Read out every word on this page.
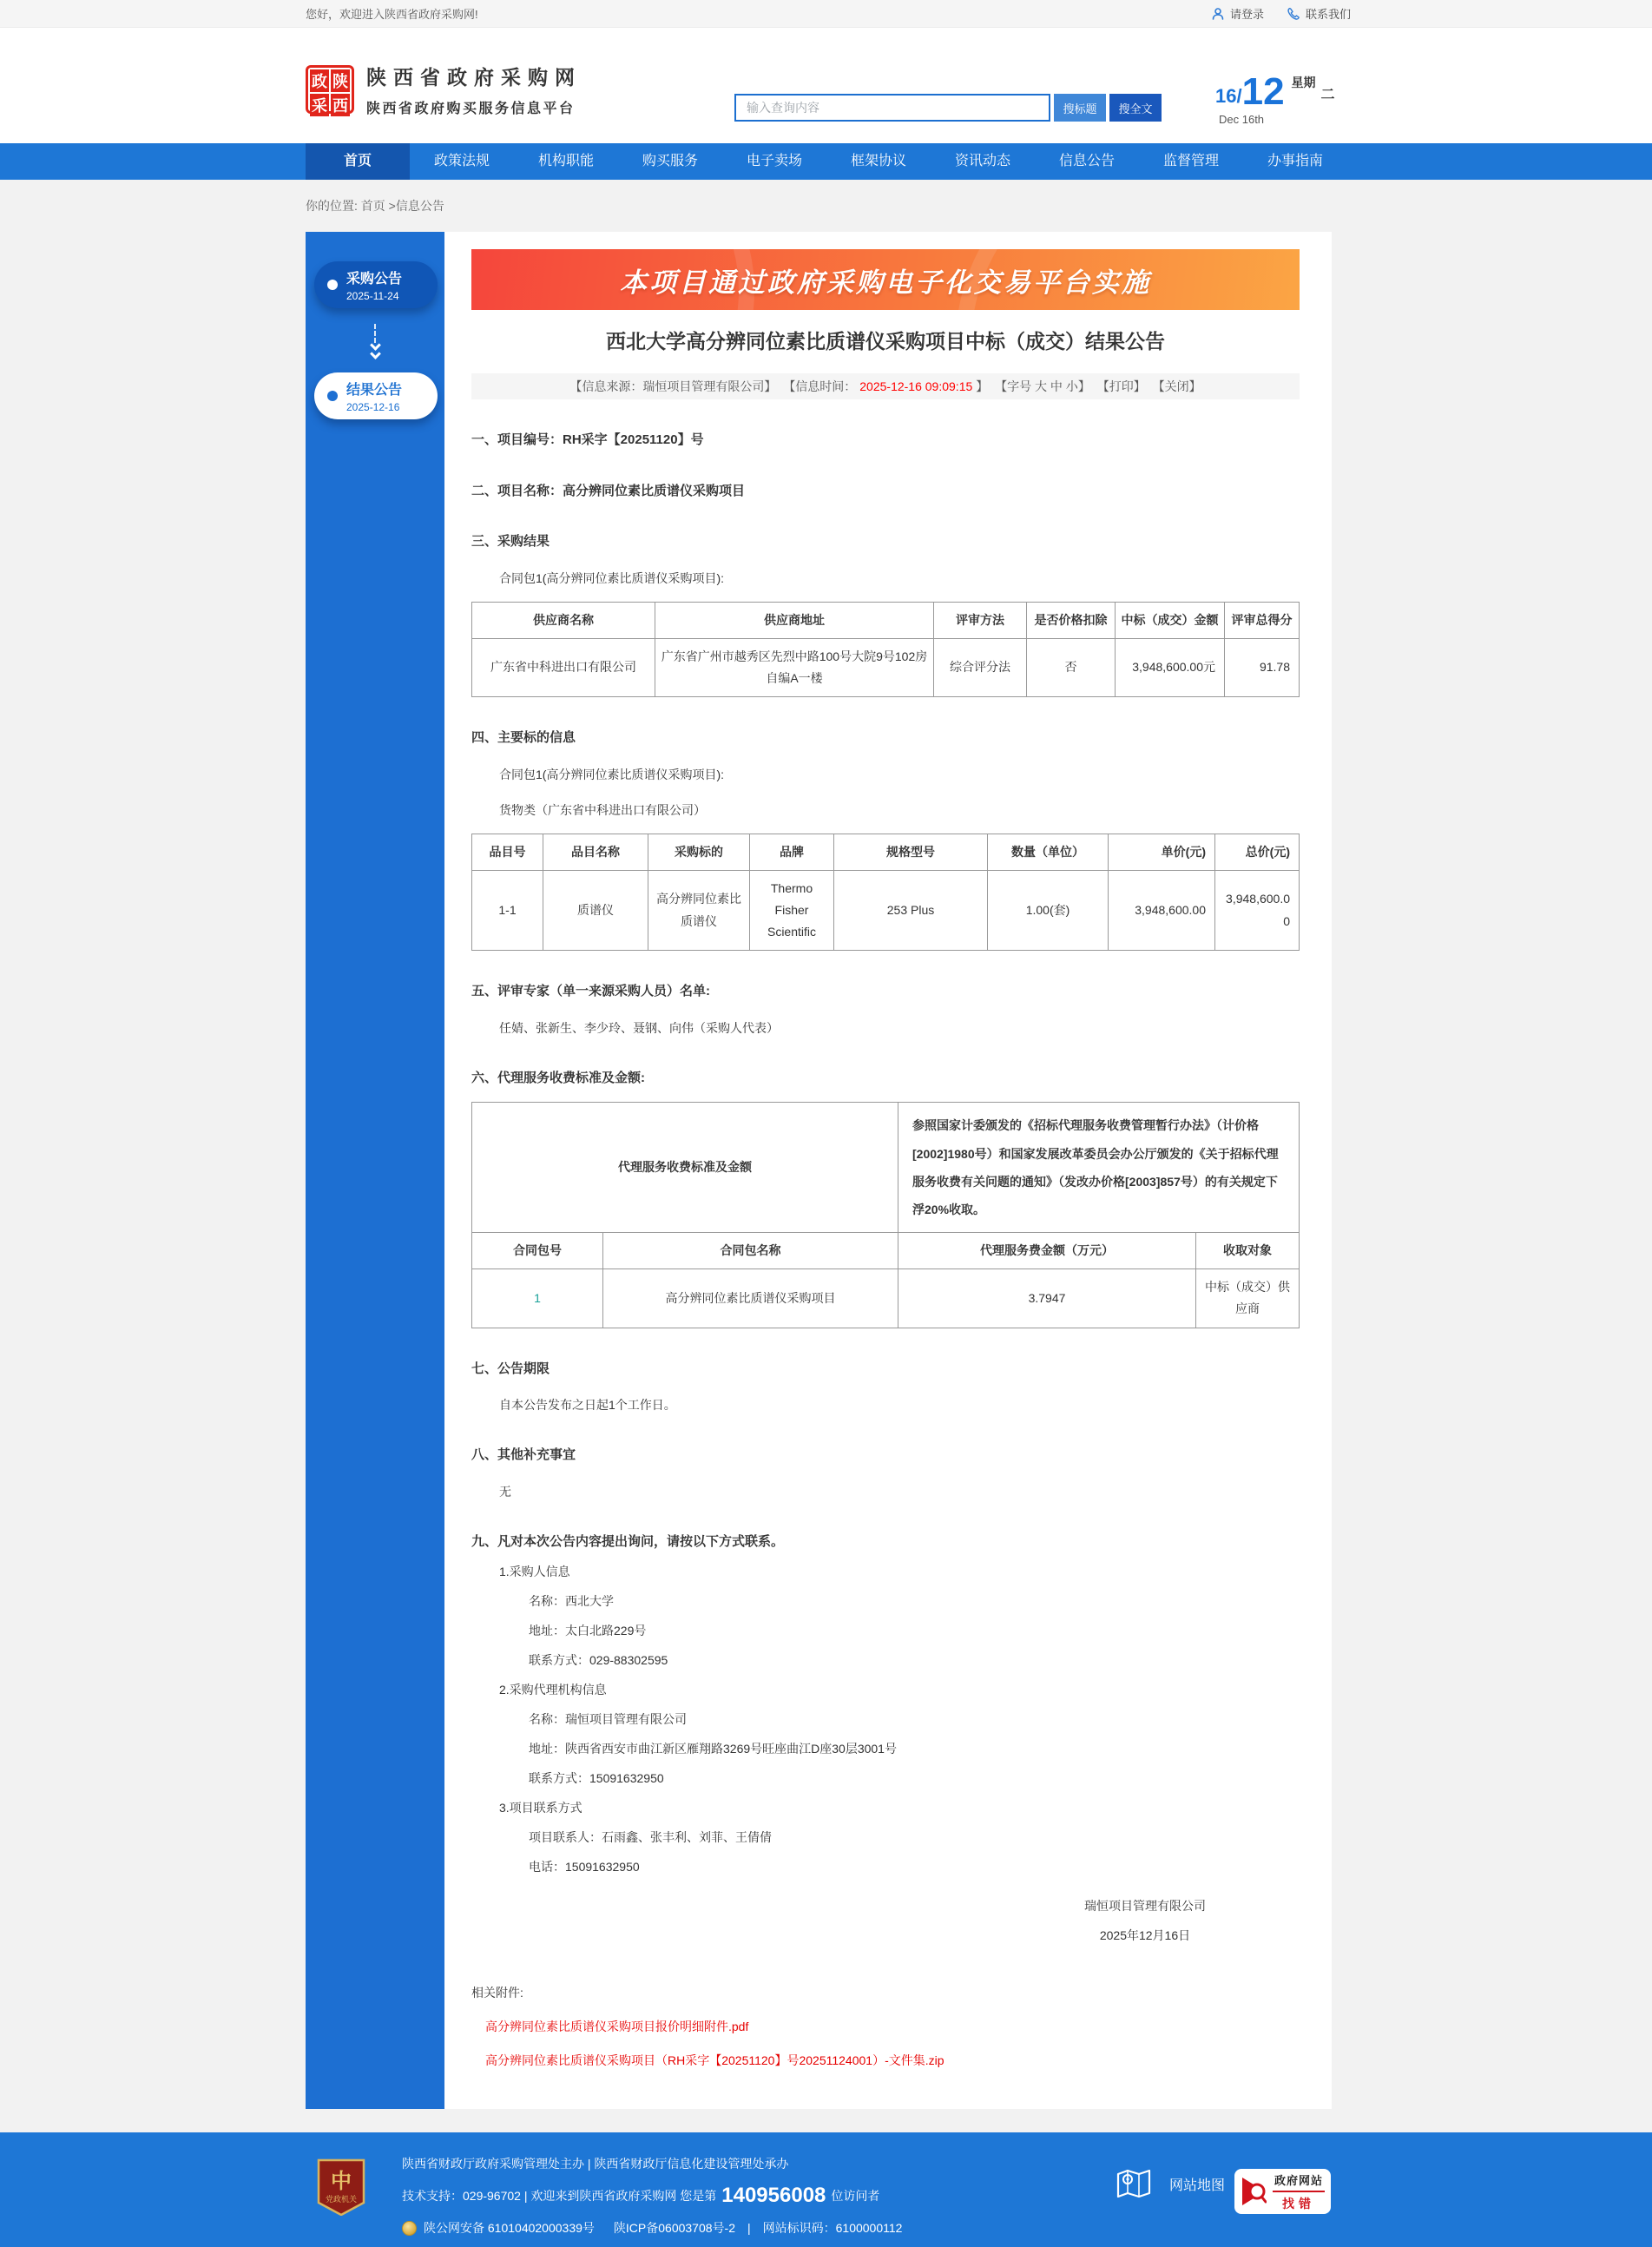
您好，欢迎进入陕西省政府采购网!	请登录	联系我们
政 陕
采 西
陕西省政府采购网
陕西省政府购买服务信息平台
输入查询内容	搜标题	搜全文
16/ 12 星期
二
Dec 16th
首页	政策法规	机构职能	购买服务	电子卖场	框架协议	资讯动态	信息公告	监督管理	办事指南
你的位置: 首页 >信息公告
采购公告
2025-11-24
结果公告
2025-12-16
本项目通过政府采购电子化交易平台实施
西北大学高分辨同位素比质谱仪采购项目中标（成交）结果公告
【信息来源：瑞恒项目管理有限公司】 【信息时间： 2025-12-16 09:09:15 】 【字号 大 中 小】 【打印】 【关闭】
一、项目编号：RH采字【20251120】号
二、项目名称：高分辨同位素比质谱仪采购项目
三、采购结果
合同包1(高分辨同位素比质谱仪采购项目):
供应商名称	供应商地址	评审方法	是否价格扣除	中标（成交）金额	评审总得分
广东省中科进出口有限公司	广东省广州市越秀区先烈中路100号大院9号102房自编A一楼	综合评分法	否	3,948,600.00元	91.78
四、主要标的信息
合同包1(高分辨同位素比质谱仪采购项目):
货物类（广东省中科进出口有限公司）
品目号	品目名称	采购标的	品牌	规格型号	数量（单位）	单价(元)	总价(元)
1-1	质谱仪	高分辨同位素比质谱仪	Thermo Fisher Scientific	253 Plus	1.00(套)	3,948,600.00	3,948,600.00
五、评审专家（单一来源采购人员）名单:
任婧、张新生、李少玲、聂钢、向伟（采购人代表）
六、代理服务收费标准及金额:
代理服务收费标准及金额		参照国家计委颁发的《招标代理服务收费管理暂行办法》（计价格[2002]1980号）和国家发展改革委员会办公厅颁发的《关于招标代理服务收费有关问题的通知》（发改办价格[2003]857号）的有关规定下浮20%收取。	
合同包号	合同包名称	代理服务费金额（万元）	收取对象
1	高分辨同位素比质谱仪采购项目	3.7947	中标（成交）供应商
七、公告期限
自本公告发布之日起1个工作日。
八、其他补充事宜
无
九、凡对本次公告内容提出询问，请按以下方式联系。
1.采购人信息
名称：西北大学
地址：太白北路229号
联系方式：029-88302595
2.采购代理机构信息
名称：瑞恒项目管理有限公司
地址：陕西省西安市曲江新区雁翔路3269号旺座曲江D座30层3001号
联系方式：15091632950
3.项目联系方式
项目联系人：石雨鑫、张丰利、刘菲、王倩倩
电话：15091632950
瑞恒项目管理有限公司
2025年12月16日
相关附件:
高分辨同位素比质谱仪采购项目报价明细附件.pdf
高分辨同位素比质谱仪采购项目（RH采字【20251120】号20251124001）-文件集.zip
中
党政机关
陕西省财政厅政府采购管理处主办 | 陕西省财政厅信息化建设管理处承办
技术支持：029-96702 | 欢迎来到陕西省政府采购网 您是第 140956008 位访问者
陕公网安备 61010402000339号 陕ICP备06003708号-2 | 网站标识码：6100000112
网站地图	政府网站
找错
